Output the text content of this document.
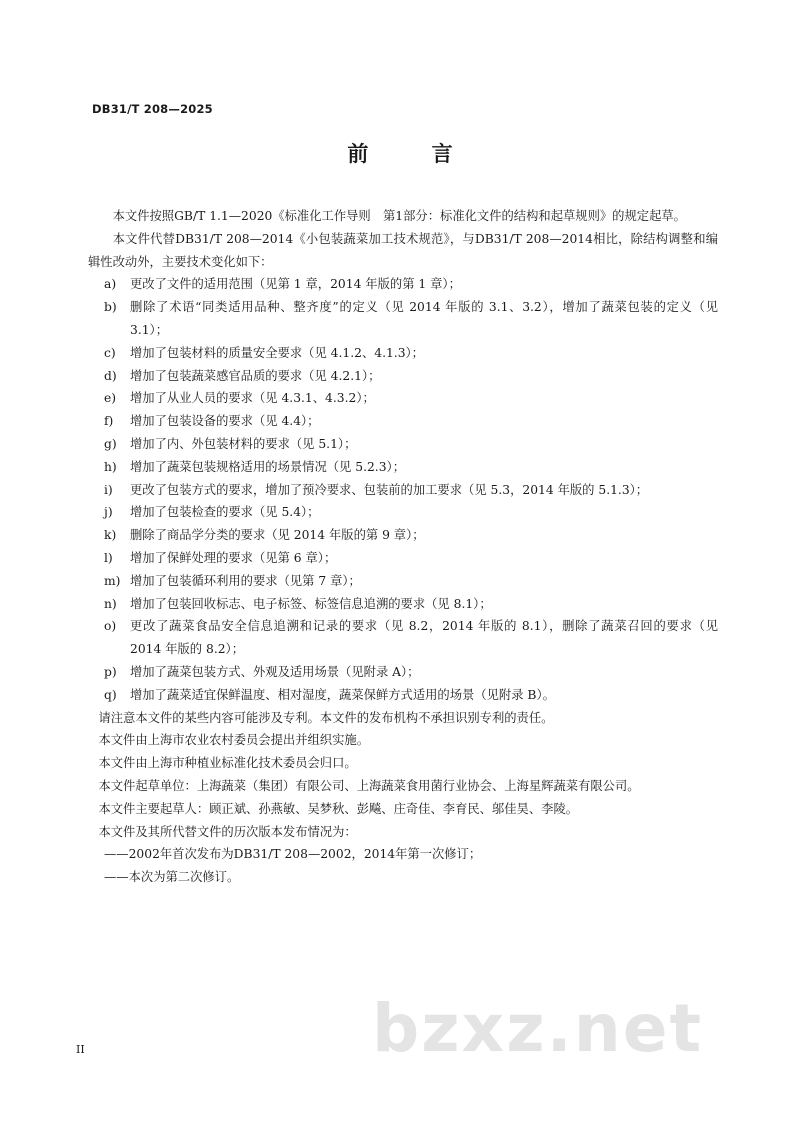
DB31/T 208—2025
前 言

本文件按照GB/T 1.1—2020《标准化工作导则　第1部分：标准化文件的结构和起草规则》的规定起草。

本文件代替DB31/T 208—2014《小包装蔬菜加工技术规范》，与DB31/T 208—2014相比，除结构调整和编辑性改动外，主要技术变化如下：

a)	更改了文件的适用范围（见第 1 章，2014 年版的第 1 章）；
b)	删除了术语“同类适用品种、整齐度”的定义（见 2014 年版的 3.1、3.2），增加了蔬菜包装的定义（见 3.1）；
c)	增加了包装材料的质量安全要求（见 4.1.2、4.1.3）；
d)	增加了包装蔬菜感官品质的要求（见 4.2.1）；
e)	增加了从业人员的要求（见 4.3.1、4.3.2）；
f)	增加了包装设备的要求（见 4.4）；
g)	增加了内、外包装材料的要求（见 5.1）；
h)	增加了蔬菜包装规格适用的场景情况（见 5.2.3）；
i)	更改了包装方式的要求，增加了预冷要求、包装前的加工要求（见 5.3，2014 年版的 5.1.3）；
j)	增加了包装检查的要求（见 5.4）；
k)	删除了商品学分类的要求（见 2014 年版的第 9 章）；
l)	增加了保鲜处理的要求（见第 6 章）；
m) 增加了包装循环利用的要求（见第 7 章）；
n)	增加了包装回收标志、电子标签、标签信息追溯的要求（见 8.1）；
o)	更改了蔬菜食品安全信息追溯和记录的要求（见 8.2，2014 年版的 8.1），删除了蔬菜召回的要求（见 2014 年版的 8.2）；
p)	增加了蔬菜包装方式、外观及适用场景（见附录 A）；
q)	增加了蔬菜适宜保鲜温度、相对湿度，蔬菜保鲜方式适用的场景（见附录 B）。

请注意本文件的某些内容可能涉及专利。本文件的发布机构不承担识别专利的责任。

本文件由上海市农业农村委员会提出并组织实施。

本文件由上海市种植业标准化技术委员会归口。

本文件起草单位：上海蔬菜（集团）有限公司、上海蔬菜食用菌行业协会、上海星辉蔬菜有限公司。

本文件主要起草人：顾正斌、孙燕敏、吴梦秋、彭飚、庄奇佳、李育民、邬佳昊、李陵。

本文件及其所代替文件的历次版本发布情况为：

——2002年首次发布为DB31/T 208—2002，2014年第一次修订；

——本次为第二次修订。

II	bzxz.net
